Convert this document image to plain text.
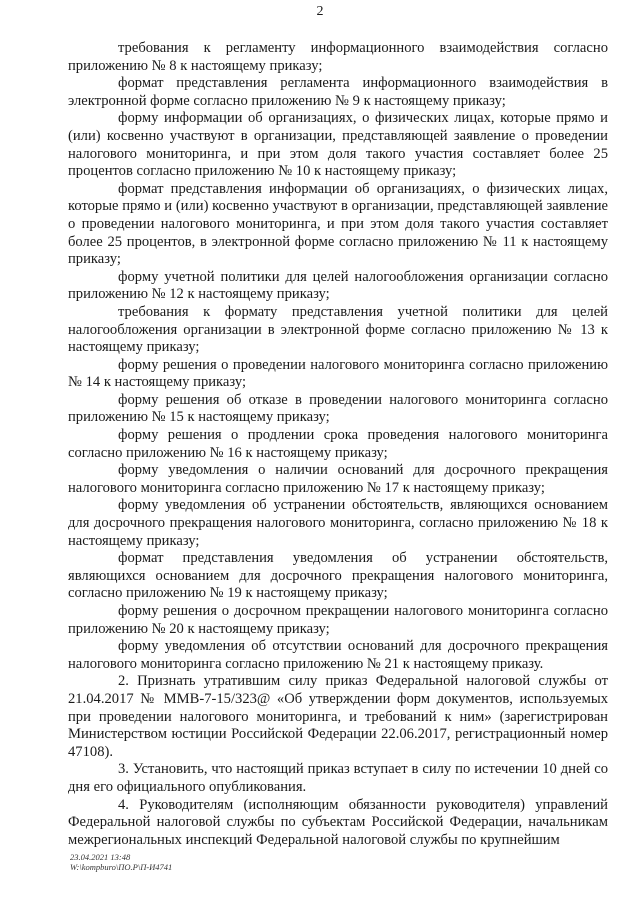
2

требования к регламенту информационного взаимодействия согласно приложению № 8 к настоящему приказу;

формат представления регламента информационного взаимодействия в электронной форме согласно приложению № 9 к настоящему приказу;

форму информации об организациях, о физических лицах, которые прямо и (или) косвенно участвуют в организации, представляющей заявление о проведении налогового мониторинга, и при этом доля такого участия составляет более 25 процентов согласно приложению № 10 к настоящему приказу;

формат представления информации об организациях, о физических лицах, которые прямо и (или) косвенно участвуют в организации, представляющей заявление о проведении налогового мониторинга, и при этом доля такого участия составляет более 25 процентов, в электронной форме согласно приложению № 11 к настоящему приказу;

форму учетной политики для целей налогообложения организации согласно приложению № 12 к настоящему приказу;

требования к формату представления учетной политики для целей налогообложения организации в электронной форме согласно приложению № 13 к настоящему приказу;

форму решения о проведении налогового мониторинга согласно приложению № 14 к настоящему приказу;

форму решения об отказе в проведении налогового мониторинга согласно приложению № 15 к настоящему приказу;

форму решения о продлении срока проведения налогового мониторинга согласно приложению № 16 к настоящему приказу;

форму уведомления о наличии оснований для досрочного прекращения налогового мониторинга согласно приложению № 17 к настоящему приказу;

форму уведомления об устранении обстоятельств, являющихся основанием для досрочного прекращения налогового мониторинга, согласно приложению № 18 к настоящему приказу;

формат представления уведомления об устранении обстоятельств, являющихся основанием для досрочного прекращения налогового мониторинга, согласно приложению № 19 к настоящему приказу;

форму решения о досрочном прекращении налогового мониторинга согласно приложению № 20 к настоящему приказу;

форму уведомления об отсутствии оснований для досрочного прекращения налогового мониторинга согласно приложению № 21 к настоящему приказу.

2. Признать утратившим силу приказ Федеральной налоговой службы от 21.04.2017 № ММВ-7-15/323@ «Об утверждении форм документов, используемых при проведении налогового мониторинга, и требований к ним» (зарегистрирован Министерством юстиции Российской Федерации 22.06.2017, регистрационный номер 47108).

3. Установить, что настоящий приказ вступает в силу по истечении 10 дней со дня его официального опубликования.

4. Руководителям (исполняющим обязанности руководителя) управлений Федеральной налоговой службы по субъектам Российской Федерации, начальникам межрегиональных инспекций Федеральной налоговой службы по крупнейшим

23.04.2021 13:48
W:\kompburo\ПО.Р\П-И4741
